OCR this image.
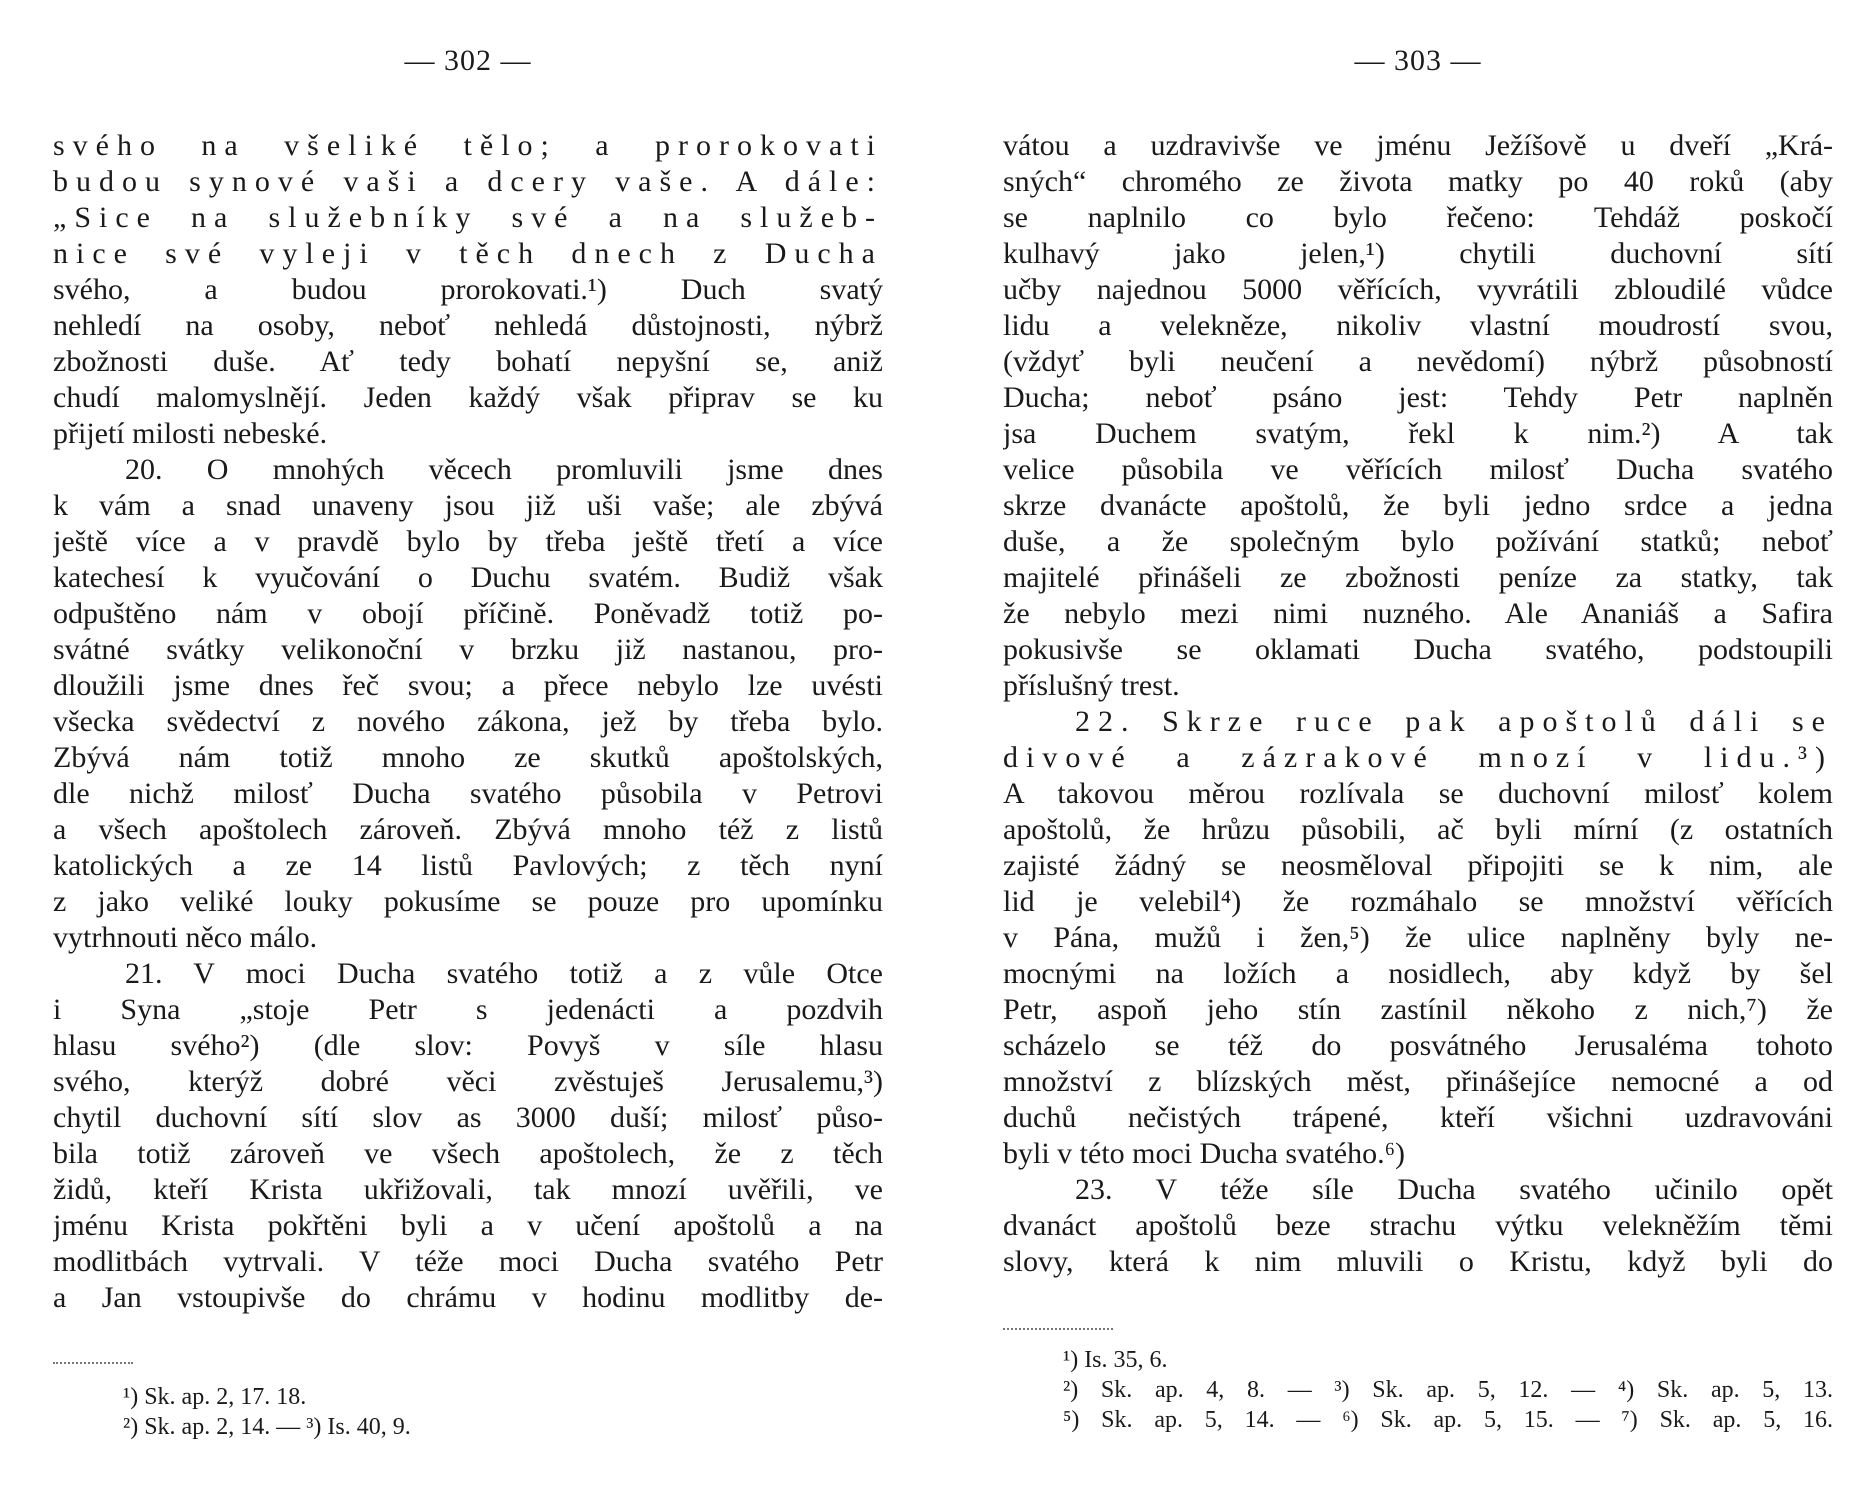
— 302 —
svého na všeliké tělo; a prorokovati
budou synové vaši a dcery vaše. A dále:
„Sice na služebníky své a na služeb-
nice své vyleji v těch dnech z Ducha
svého, a budou prorokovati.¹) Duch svatý
nehledí na osoby, neboť nehledá důstojnosti, nýbrž
zbožnosti duše. Ať tedy bohatí nepyšní se, aniž
chudí malomyslnějí. Jeden každý však připrav se ku
přijetí milosti nebeské.
20. O mnohých věcech promluvili jsme dnes
k vám a snad unaveny jsou již uši vaše; ale zbývá
ještě více a v pravdě bylo by třeba ještě třetí a více
katechesí k vyučování o Duchu svatém. Budiž však
odpuštěno nám v obojí příčině. Poněvadž totiž po-
svátné svátky velikonoční v brzku již nastanou, pro-
dloužili jsme dnes řeč svou; a přece nebylo lze uvésti
všecka svědectví z nového zákona, jež by třeba bylo.
Zbývá nám totiž mnoho ze skutků apoštolských,
dle nichž milosť Ducha svatého působila v Petrovi
a všech apoštolech zároveň. Zbývá mnoho též z listů
katolických a ze 14 listů Pavlových; z těch nyní
z jako veliké louky pokusíme se pouze pro upomínku
vytrhnouti něco málo.
21. V moci Ducha svatého totiž a z vůle Otce
i Syna „stoje Petr s jedenácti a pozdvih
hlasu svého²) (dle slov: Povyš v síle hlasu
svého, kterýž dobré věci zvěstuješ Jerusalemu,³)
chytil duchovní sítí slov as 3000 duší; milosť půso-
bila totiž zároveň ve všech apoštolech, že z těch
židů, kteří Krista ukřižovali, tak mnozí uvěřili, ve
jménu Krista pokřtěni byli a v učení apoštolů a na
modlitbách vytrvali. V téže moci Ducha svatého Petr
a Jan vstoupivše do chrámu v hodinu modlitby de-
¹) Sk. ap. 2, 17. 18.
²) Sk. ap. 2, 14. — ³) Is. 40, 9.
— 303 —
vátou a uzdravivše ve jménu Ježíšově u dveří „Krá-
sných“ chromého ze života matky po 40 roků (aby
se naplnilo co bylo řečeno: Tehdáž poskočí
kulhavý jako jelen,¹) chytili duchovní sítí
učby najednou 5000 věřících, vyvrátili zbloudilé vůdce
lidu a velekněze, nikoliv vlastní moudrostí svou,
(vždyť byli neučení a nevědomí) nýbrž působností
Ducha; neboť psáno jest: Tehdy Petr naplněn
jsa Duchem svatým, řekl k nim.²) A tak
velice působila ve věřících milosť Ducha svatého
skrze dvanácte apoštolů, že byli jedno srdce a jedna
duše, a že společným bylo požívání statků; neboť
majitelé přinášeli ze zbožnosti peníze za statky, tak
že nebylo mezi nimi nuzného. Ale Ananiáš a Safira
pokusivše se oklamati Ducha svatého, podstoupili
příslušný trest.
22. Skrze ruce pak apoštolů dáli se
divové a zázrakové mnozí v lidu.³)
A takovou měrou rozlívala se duchovní milosť kolem
apoštolů, že hrůzu působili, ač byli mírní (z ostatních
zajisté žádný se neosměloval připojiti se k nim, ale
lid je velebil⁴) že rozmáhalo se množství věřících
v Pána, mužů i žen,⁵) že ulice naplněny byly ne-
mocnými na ložích a nosidlech, aby když by šel
Petr, aspoň jeho stín zastínil někoho z nich,⁷) že
scházelo se též do posvátného Jerusaléma tohoto
množství z blízských měst, přinášejíce nemocné a od
duchů nečistých trápené, kteří všichni uzdravováni
byli v této moci Ducha svatého.⁶)
23. V téže síle Ducha svatého učinilo opět
dvanáct apoštolů beze strachu výtku velekněžím těmi
slovy, která k nim mluvili o Kristu, když byli do
¹) Is. 35, 6.
²) Sk. ap. 4, 8. — ³) Sk. ap. 5, 12. — ⁴) Sk. ap. 5, 13.
⁵) Sk. ap. 5, 14. — ⁶) Sk. ap. 5, 15. — ⁷) Sk. ap. 5, 16.
